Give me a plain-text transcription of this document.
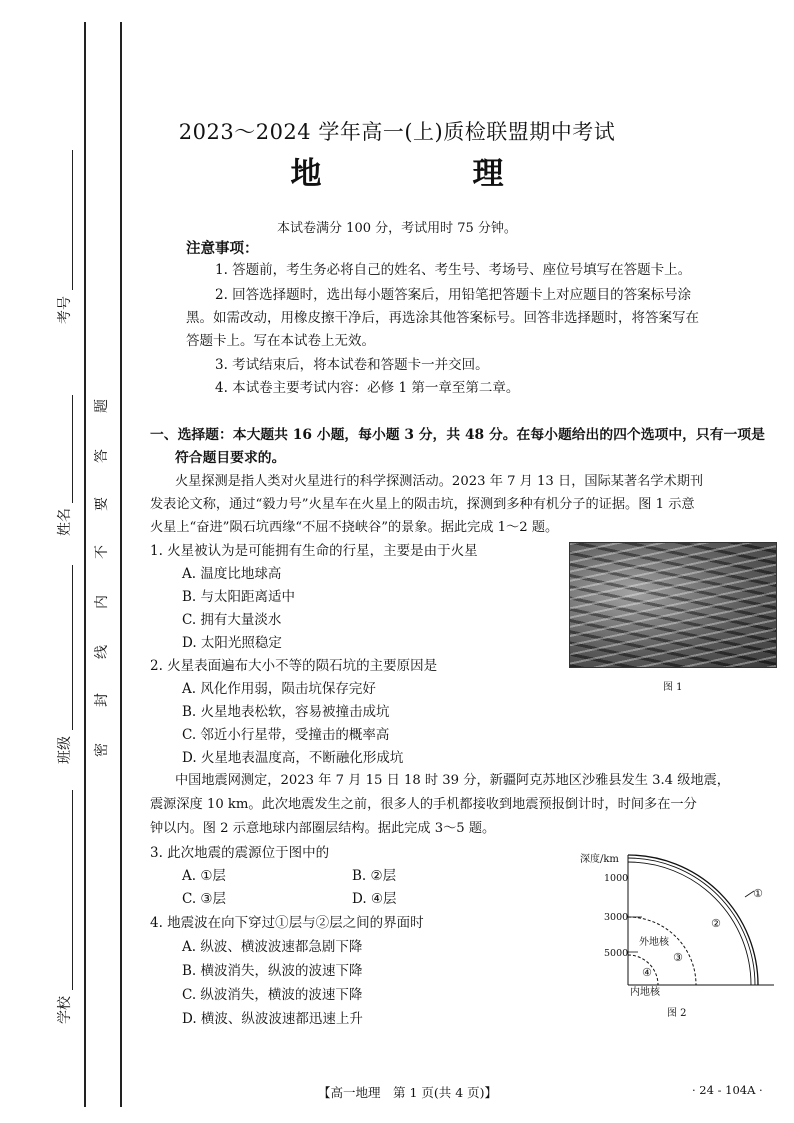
考号
姓名
班级
学校
密
封
线
内
不
要
答
题
2023～2024 学年高一(上)质检联盟期中考试
地　理
本试卷满分 100 分，考试用时 75 分钟。
注意事项：
1. 答题前，考生务必将自己的姓名、考生号、考场号、座位号填写在答题卡上。
2. 回答选择题时，选出每小题答案后，用铅笔把答题卡上对应题目的答案标号涂
黑。如需改动，用橡皮擦干净后，再选涂其他答案标号。回答非选择题时，将答案写在
答题卡上。写在本试卷上无效。
3. 考试结束后，将本试卷和答题卡一并交回。
4. 本试卷主要考试内容：必修 1 第一章至第二章。
一、选择题：本大题共 16 小题，每小题 3 分，共 48 分。在每小题给出的四个选项中，只有一项是
符合题目要求的。
火星探测是指人类对火星进行的科学探测活动。2023 年 7 月 13 日，国际某著名学术期刊
发表论文称，通过“毅力号”火星车在火星上的陨击坑，探测到多种有机分子的证据。图 1 示意
火星上“奋进”陨石坑西缘“不屈不挠峡谷”的景象。据此完成 1～2 题。
1. 火星被认为是可能拥有生命的行星，主要是由于火星
A. 温度比地球高
B. 与太阳距离适中
C. 拥有大量淡水
D. 太阳光照稳定
图 1
2. 火星表面遍布大小不等的陨石坑的主要原因是
A. 风化作用弱，陨击坑保存完好
B. 火星地表松软，容易被撞击成坑
C. 邻近小行星带，受撞击的概率高
D. 火星地表温度高，不断融化形成坑
中国地震网测定，2023 年 7 月 15 日 18 时 39 分，新疆阿克苏地区沙雅县发生 3.4 级地震，
震源深度 10 km。此次地震发生之前，很多人的手机都接收到地震预报倒计时，时间多在一分
钟以内。图 2 示意地球内部圈层结构。据此完成 3～5 题。
3. 此次地震的震源位于图中的
A. ①层	B. ②层
C. ③层	D. ④层
4. 地震波在向下穿过①层与②层之间的界面时
A. 纵波、横波波速都急剧下降
B. 横波消失，纵波的波速下降
C. 纵波消失，横波的波速下降
D. 横波、纵波波速都迅速上升
深度/km
1000
3000
5000
①
②
外地核
③
④
内地核
图 2
【高一地理　第 1 页(共 4 页)】	· 24 - 104A ·
